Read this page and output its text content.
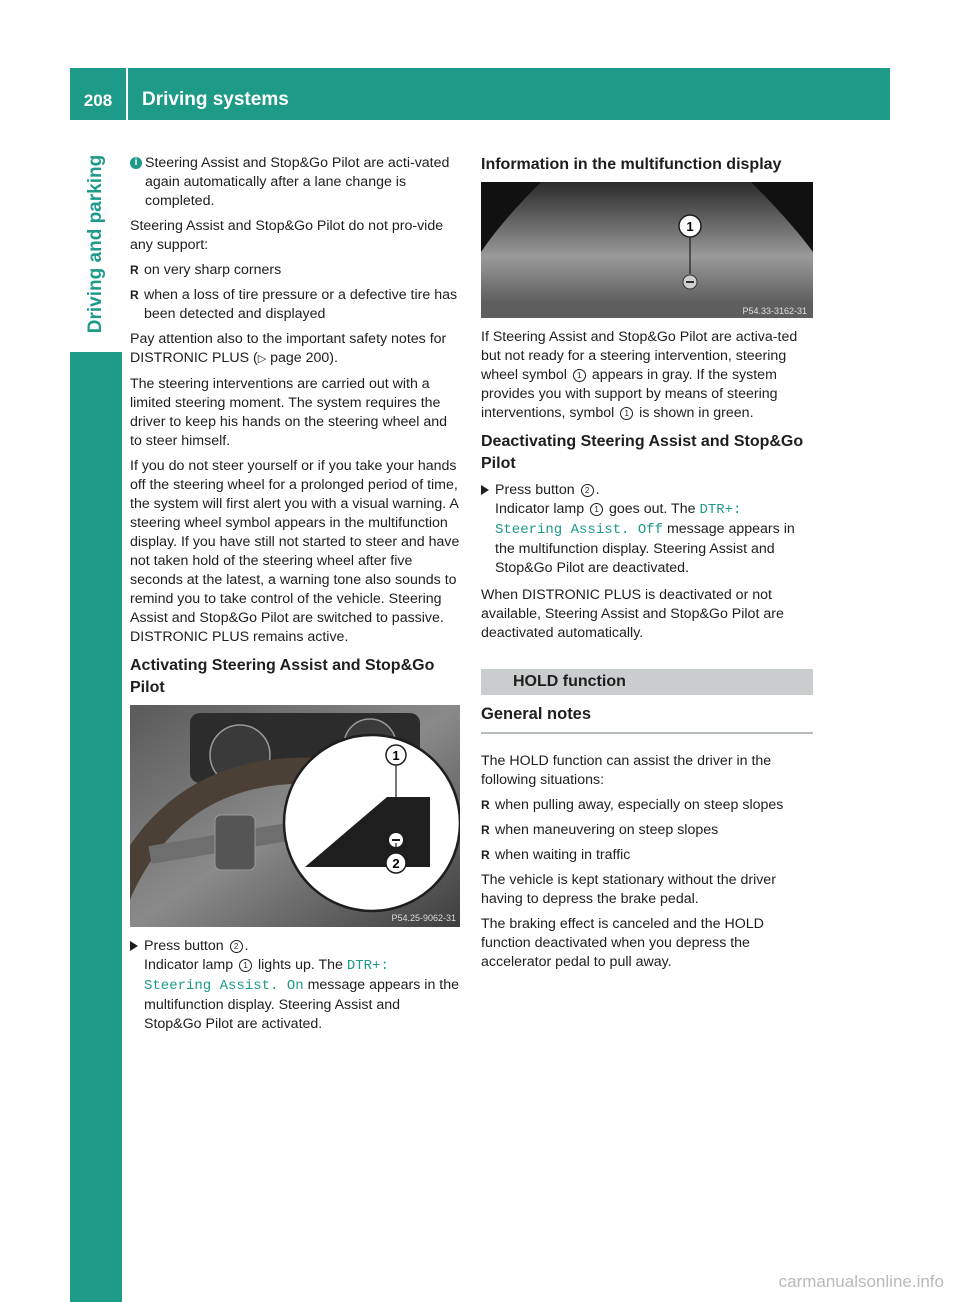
208	Driving systems
Driving and parking	i Steering Assist and Stop&Go Pilot are acti-vated again automatically after a lane change is completed.

Steering Assist and Stop&Go Pilot do not pro-vide any support:

R on very sharp corners
R when a loss of tire pressure or a defective tire has been detected and displayed

Pay attention also to the important safety notes for DISTRONIC PLUS (▷ page 200).

The steering interventions are carried out with a limited steering moment. The system requires the driver to keep his hands on the steering wheel and to steer himself.

If you do not steer yourself or if you take your hands off the steering wheel for a prolonged period of time, the system will first alert you with a visual warning. A steering wheel symbol appears in the multifunction display. If you have still not started to steer and have not taken hold of the steering wheel after five seconds at the latest, a warning tone also sounds to remind you to take control of the vehicle. Steering Assist and Stop&Go Pilot are switched to passive. DISTRONIC PLUS remains active.

Activating Steering Assist and Stop&Go Pilot
1
2
P54.25-9062-31
Press button 2 .
Indicator lamp 1 lights up. The DTR+: Steering Assist. On message appears in the multifunction display. Steering Assist and Stop&Go Pilot are activated.
Information in the multifunction display
1
P54.33-3162-31

If Steering Assist and Stop&Go Pilot are activa-ted but not ready for a steering intervention, steering wheel symbol 1 appears in gray. If the system provides you with support by means of steering interventions, symbol 1 is shown in green.

Deactivating Steering Assist and Stop&Go Pilot
Press button 2 .
Indicator lamp 1 goes out. The DTR+: Steering Assist. Off message appears in the multifunction display. Steering Assist and Stop&Go Pilot are deactivated.

When DISTRONIC PLUS is deactivated or not available, Steering Assist and Stop&Go Pilot are deactivated automatically.

HOLD function
General notes

The HOLD function can assist the driver in the following situations:

R when pulling away, especially on steep slopes
R when maneuvering on steep slopes
R when waiting in traffic

The vehicle is kept stationary without the driver having to depress the brake pedal.

The braking effect is canceled and the HOLD function deactivated when you depress the accelerator pedal to pull away.

carmanualsonline.info
